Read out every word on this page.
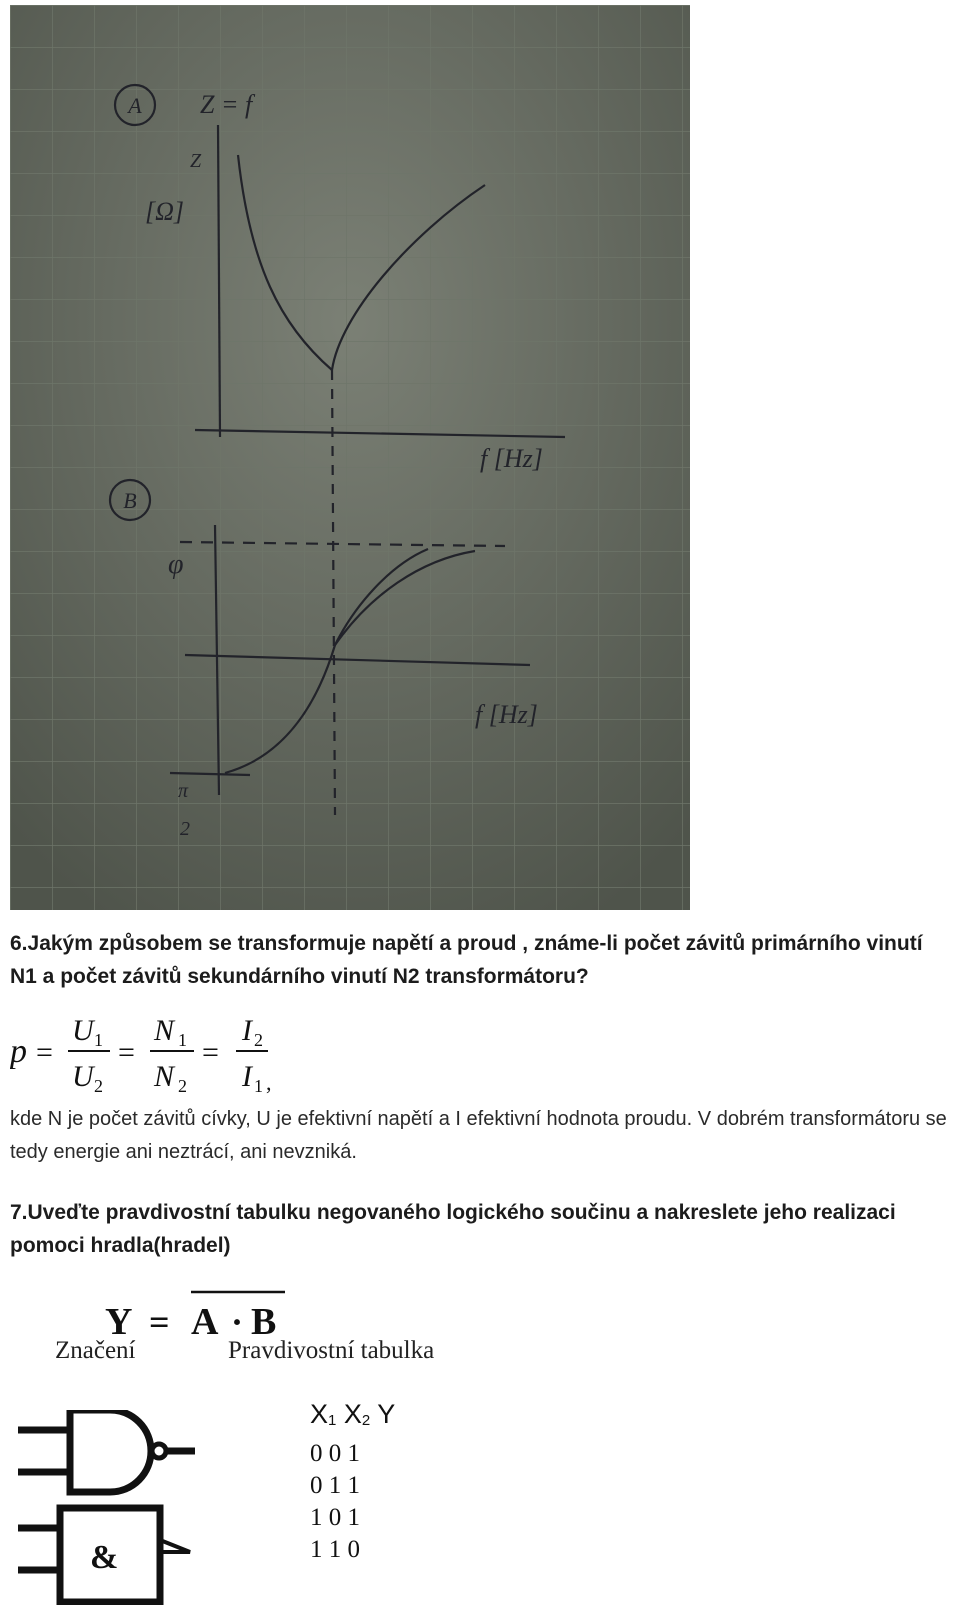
A Z = f
Z
[Ω]
f [Hz]
B
φ
f [Hz]
π
2

6.Jakým způsobem se transformuje napětí a proud , známe-li počet závitů primárního vinutí N1 a počet závitů sekundárního vinutí N2 transformátoru?

p =
U 1
U 2
=
N 1
N 2
=
I 2
I 1 ,

kde N je počet závitů cívky, U je efektivní napětí a I efektivní hodnota proudu. V dobrém transformátoru se tedy energie ani neztrácí, ani nevzniká.

7.Uveďte pravdivostní tabulku negovaného logického součinu a nakreslete jeho realizaci pomoci hradla(hradel)

Y = A · B
Značení	Pravdivostní tabulka
$X_1$ $X_2$ Y
0 0 1
0 1 1
1 0 1
1 1 0
&
